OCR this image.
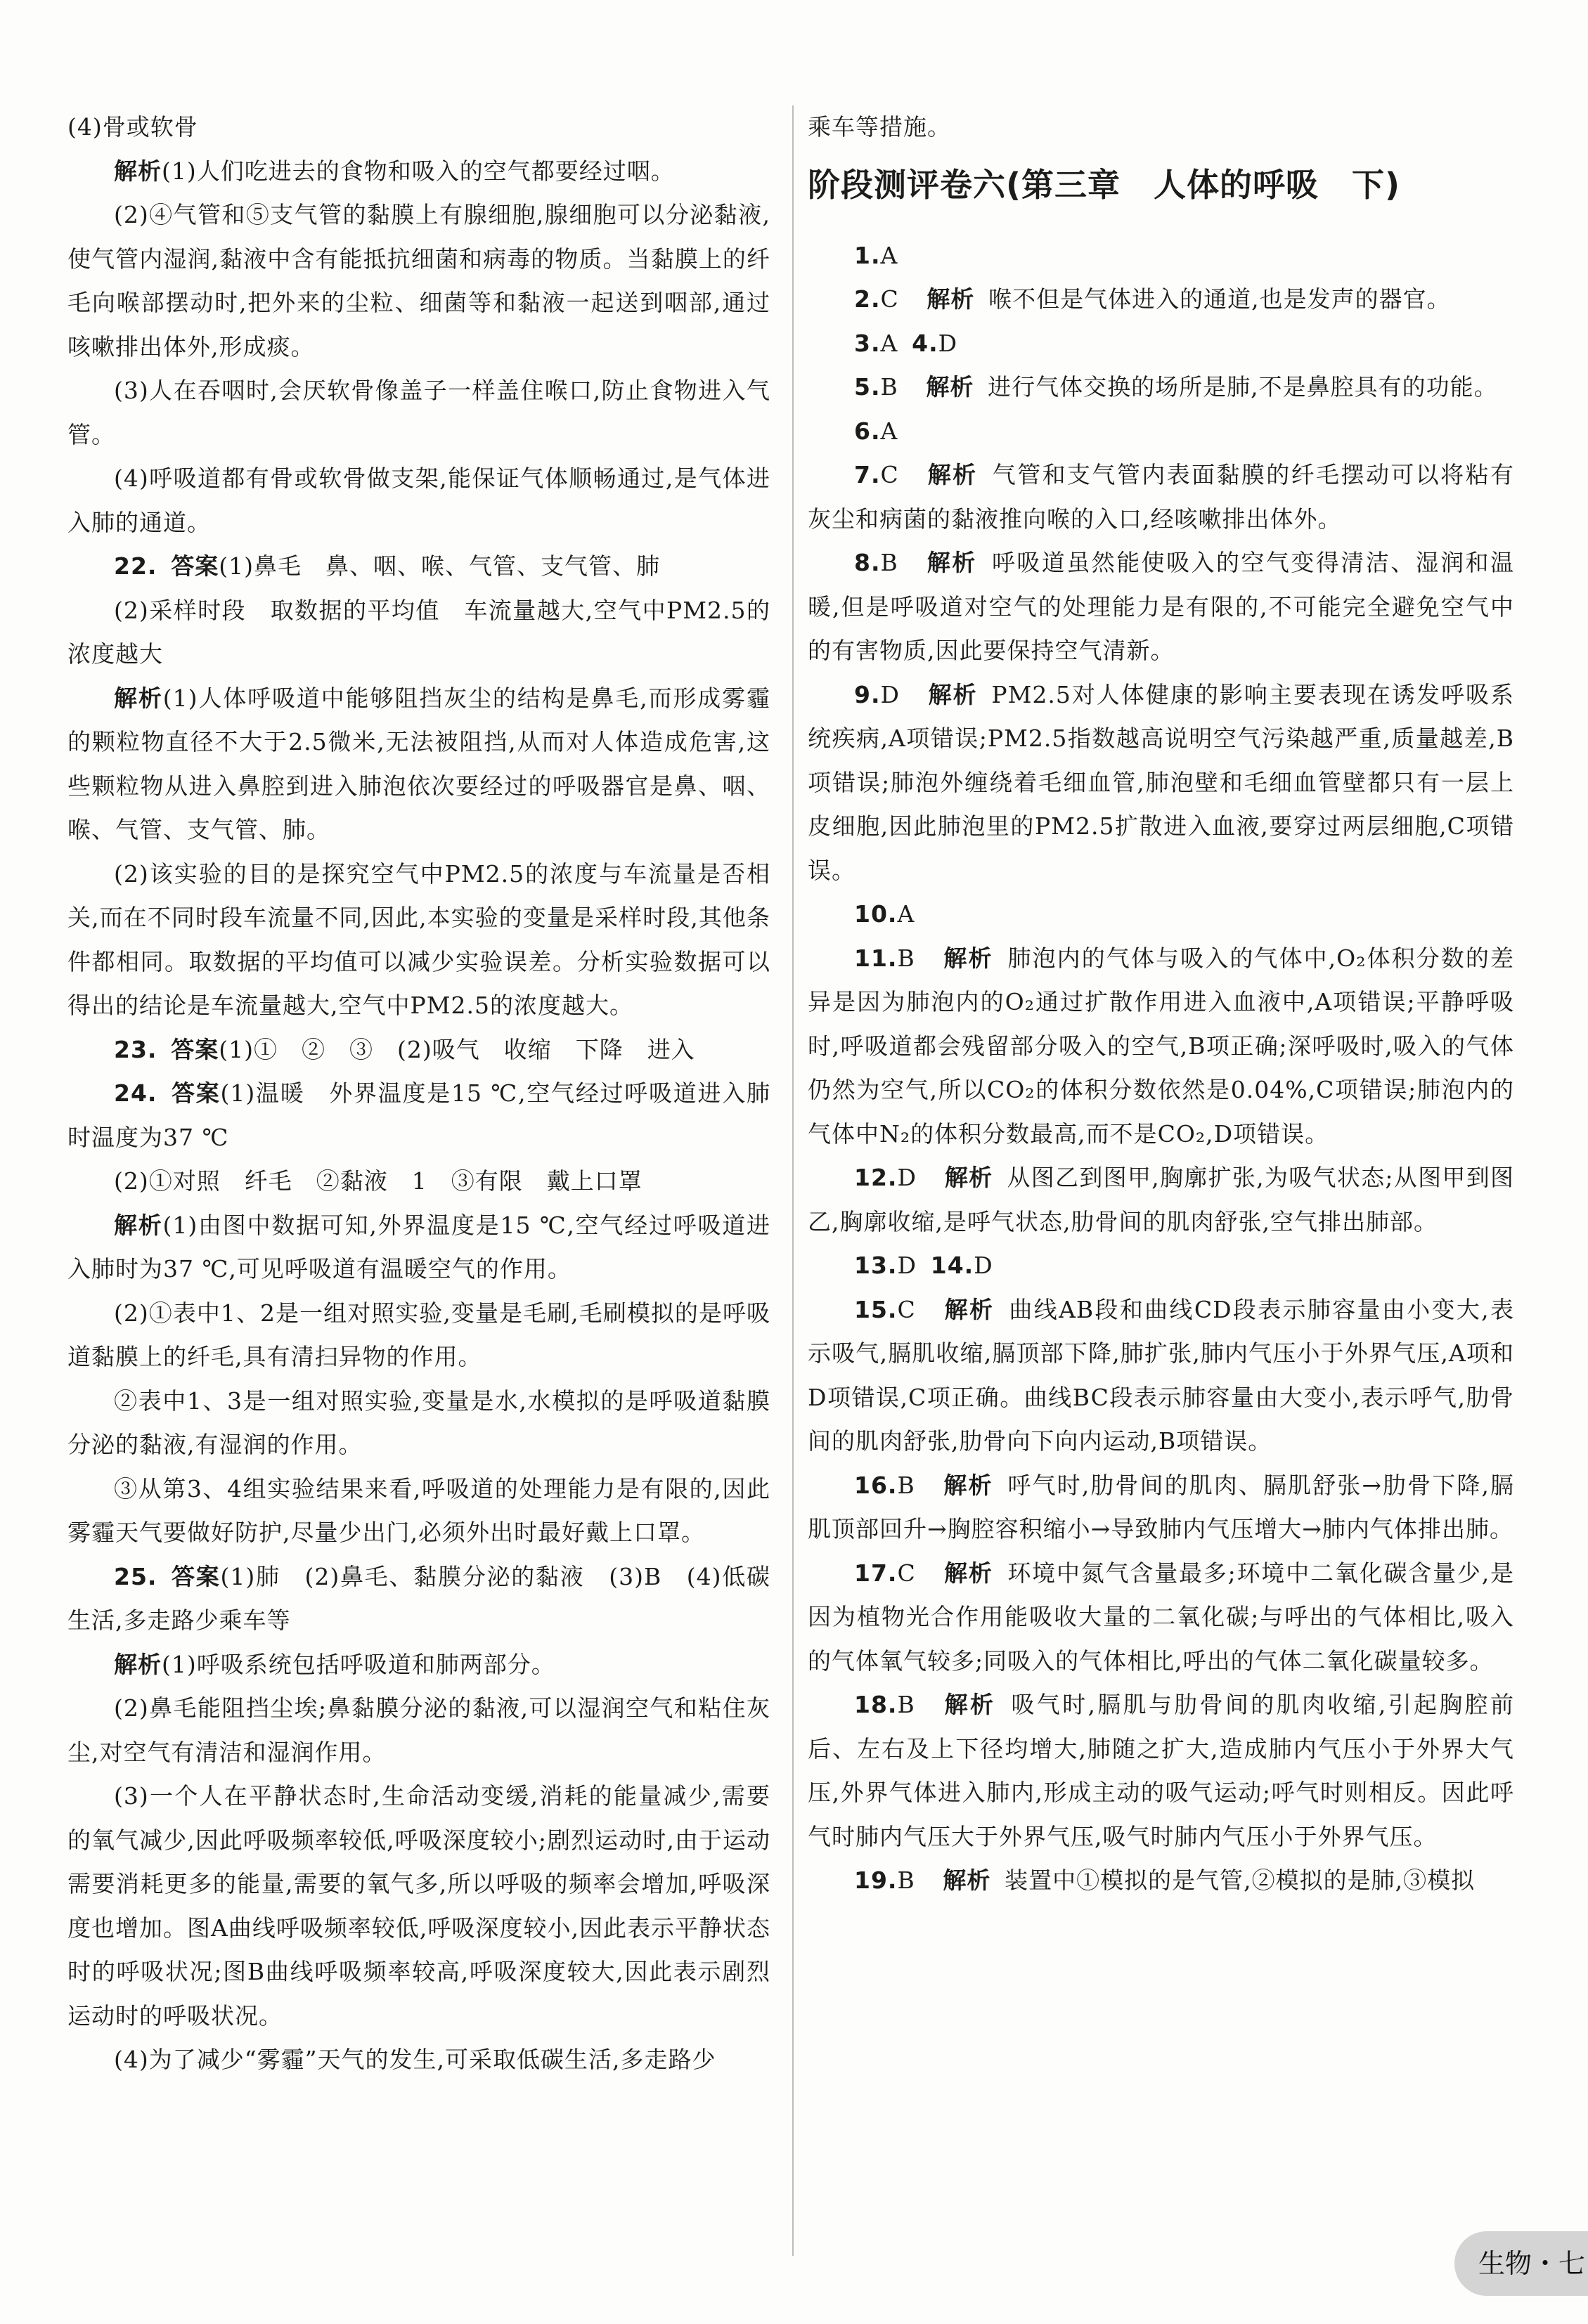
(4)骨或软骨

解析(1)人们吃进去的食物和吸入的空气都要经过咽。

(2)④气管和⑤支气管的黏膜上有腺细胞,腺细胞可以分泌黏液,使气管内湿润,黏液中含有能抵抗细菌和病毒的物质。当黏膜上的纤毛向喉部摆动时,把外来的尘粒、细菌等和黏液一起送到咽部,通过咳嗽排出体外,形成痰。

(3)人在吞咽时,会厌软骨像盖子一样盖住喉口,防止食物进入气管。

(4)呼吸道都有骨或软骨做支架,能保证气体顺畅通过,是气体进入肺的通道。

22. 答案(1)鼻毛　鼻、咽、喉、气管、支气管、肺

(2)采样时段　取数据的平均值　车流量越大,空气中PM2.5的浓度越大

解析(1)人体呼吸道中能够阻挡灰尘的结构是鼻毛,而形成雾霾的颗粒物直径不大于2.5微米,无法被阻挡,从而对人体造成危害,这些颗粒物从进入鼻腔到进入肺泡依次要经过的呼吸器官是鼻、咽、喉、气管、支气管、肺。

(2)该实验的目的是探究空气中PM2.5的浓度与车流量是否相关,而在不同时段车流量不同,因此,本实验的变量是采样时段,其他条件都相同。取数据的平均值可以减少实验误差。分析实验数据可以得出的结论是车流量越大,空气中PM2.5的浓度越大。

23. 答案(1)①　②　③　(2)吸气　收缩　下降　进入

24. 答案(1)温暖　外界温度是15 ℃,空气经过呼吸道进入肺时温度为37 ℃

(2)①对照　纤毛　②黏液　1　③有限　戴上口罩

解析(1)由图中数据可知,外界温度是15 ℃,空气经过呼吸道进入肺时为37 ℃,可见呼吸道有温暖空气的作用。

(2)①表中1、2是一组对照实验,变量是毛刷,毛刷模拟的是呼吸道黏膜上的纤毛,具有清扫异物的作用。

②表中1、3是一组对照实验,变量是水,水模拟的是呼吸道黏膜分泌的黏液,有湿润的作用。

③从第3、4组实验结果来看,呼吸道的处理能力是有限的,因此雾霾天气要做好防护,尽量少出门,必须外出时最好戴上口罩。

25. 答案(1)肺　(2)鼻毛、黏膜分泌的黏液　(3)B　(4)低碳生活,多走路少乘车等

解析(1)呼吸系统包括呼吸道和肺两部分。

(2)鼻毛能阻挡尘埃;鼻黏膜分泌的黏液,可以湿润空气和粘住灰尘,对空气有清洁和湿润作用。

(3)一个人在平静状态时,生命活动变缓,消耗的能量减少,需要的氧气减少,因此呼吸频率较低,呼吸深度较小;剧烈运动时,由于运动需要消耗更多的能量,需要的氧气多,所以呼吸的频率会增加,呼吸深度也增加。图A曲线呼吸频率较低,呼吸深度较小,因此表示平静状态时的呼吸状况;图B曲线呼吸频率较高,呼吸深度较大,因此表示剧烈运动时的呼吸状况。

(4)为了减少“雾霾”天气的发生,可采取低碳生活,多走路少

乘车等措施。

阶段测评卷六(第三章　人体的呼吸　下)

1.A

2.C 解析 喉不但是气体进入的通道,也是发声的器官。

3.A 4.D

5.B 解析 进行气体交换的场所是肺,不是鼻腔具有的功能。

6.A

7.C 解析 气管和支气管内表面黏膜的纤毛摆动可以将粘有灰尘和病菌的黏液推向喉的入口,经咳嗽排出体外。

8.B 解析 呼吸道虽然能使吸入的空气变得清洁、湿润和温暖,但是呼吸道对空气的处理能力是有限的,不可能完全避免空气中的有害物质,因此要保持空气清新。

9.D 解析 PM2.5对人体健康的影响主要表现在诱发呼吸系统疾病,A项错误;PM2.5指数越高说明空气污染越严重,质量越差,B项错误;肺泡外缠绕着毛细血管,肺泡壁和毛细血管壁都只有一层上皮细胞,因此肺泡里的PM2.5扩散进入血液,要穿过两层细胞,C项错误。

10.A

11.B 解析 肺泡内的气体与吸入的气体中,O₂体积分数的差异是因为肺泡内的O₂通过扩散作用进入血液中,A项错误;平静呼吸时,呼吸道都会残留部分吸入的空气,B项正确;深呼吸时,吸入的气体仍然为空气,所以CO₂的体积分数依然是0.04%,C项错误;肺泡内的气体中N₂的体积分数最高,而不是CO₂,D项错误。

12.D 解析 从图乙到图甲,胸廓扩张,为吸气状态;从图甲到图乙,胸廓收缩,是呼气状态,肋骨间的肌肉舒张,空气排出肺部。

13.D 14.D

15.C 解析 曲线AB段和曲线CD段表示肺容量由小变大,表示吸气,膈肌收缩,膈顶部下降,肺扩张,肺内气压小于外界气压,A项和D项错误,C项正确。曲线BC段表示肺容量由大变小,表示呼气,肋骨间的肌肉舒张,肋骨向下向内运动,B项错误。

16.B 解析 呼气时,肋骨间的肌肉、膈肌舒张→肋骨下降,膈肌顶部回升→胸腔容积缩小→导致肺内气压增大→肺内气体排出肺。

17.C 解析 环境中氮气含量最多;环境中二氧化碳含量少,是因为植物光合作用能吸收大量的二氧化碳;与呼出的气体相比,吸入的气体氧气较多;同吸入的气体相比,呼出的气体二氧化碳量较多。

18.B 解析 吸气时,膈肌与肋骨间的肌肉收缩,引起胸腔前后、左右及上下径均增大,肺随之扩大,造成肺内气压小于外界大气压,外界气体进入肺内,形成主动的吸气运动;呼气时则相反。因此呼气时肺内气压大于外界气压,吸气时肺内气压小于外界气压。

19.B 解析 装置中①模拟的是气管,②模拟的是肺,③模拟

生物・七
